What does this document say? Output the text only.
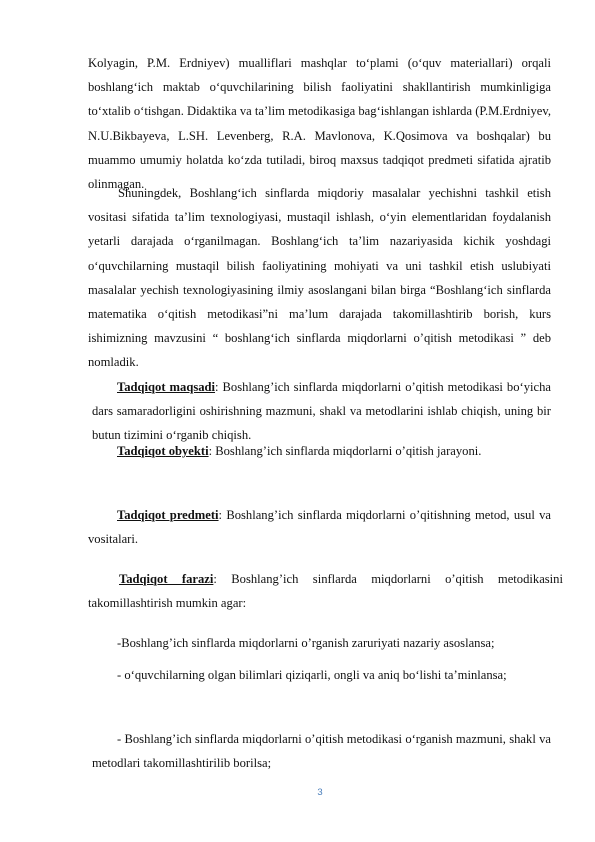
Kolyagin, P.M. Erdniyev) mualliflari mashqlar to‘plami (o‘quv materiallari) orqali boshlang‘ich maktab o‘quvchilarining bilish faoliyatini shakllantirish mumkinligiga to‘xtalib o‘tishgan. Didaktika va ta’lim metodikasiga bag‘ishlangan ishlarda (P.M.Erdniyev, N.U.Bikbayeva, L.SH. Levenberg, R.A. Mavlonova, K.Qosimova va boshqalar) bu muammo umumiy holatda ko‘zda tutiladi, biroq maxsus tadqiqot predmeti sifatida ajratib olinmagan.

Shuningdek, Boshlang‘ich sinflarda miqdoriy masalalar yechishni tashkil etish vositasi sifatida ta’lim texnologiyasi, mustaqil ishlash, o‘yin elementlaridan foydalanish yetarli darajada o‘rganilmagan. Boshlang‘ich ta’lim nazariyasida kichik yoshdagi o‘quvchilarning mustaqil bilish faoliyatining mohiyati va uni tashkil etish uslubiyati masalalar yechish texnologiyasining ilmiy asoslangani bilan birga “Boshlang‘ich sinflarda matematika o‘qitish metodikasi”ni ma’lum darajada takomillashtirib borish, kurs ishimizning mavzusini “ boshlang‘ich sinflarda miqdorlarni o’qitish metodikasi ” deb nomladik.

Tadqiqot maqsadi: Boshlang’ich sinflarda miqdorlarni o’qitish metodikasi bo‘yicha dars samaradorligini oshirishning mazmuni, shakl va metodlarini ishlab chiqish, uning bir butun tizimini o‘rganib chiqish.

Tadqiqot obyekti: Boshlang’ich sinflarda miqdorlarni o’qitish jarayoni.

Tadqiqot predmeti: Boshlang’ich sinflarda miqdorlarni o’qitishning metod, usul va vositalari.

Tadqiqot farazi: Boshlang’ich sinflarda miqdorlarni o’qitish metodikasini takomillashtirish mumkin agar:

-Boshlang’ich sinflarda miqdorlarni o’rganish zaruriyati nazariy asoslansa;

- o‘quvchilarning olgan bilimlari qiziqarli, ongli va aniq bo‘lishi ta’minlansa;

- Boshlang’ich sinflarda miqdorlarni o’qitish metodikasi o‘rganish mazmuni, shakl va metodlari takomillashtirilib borilsa;

3
